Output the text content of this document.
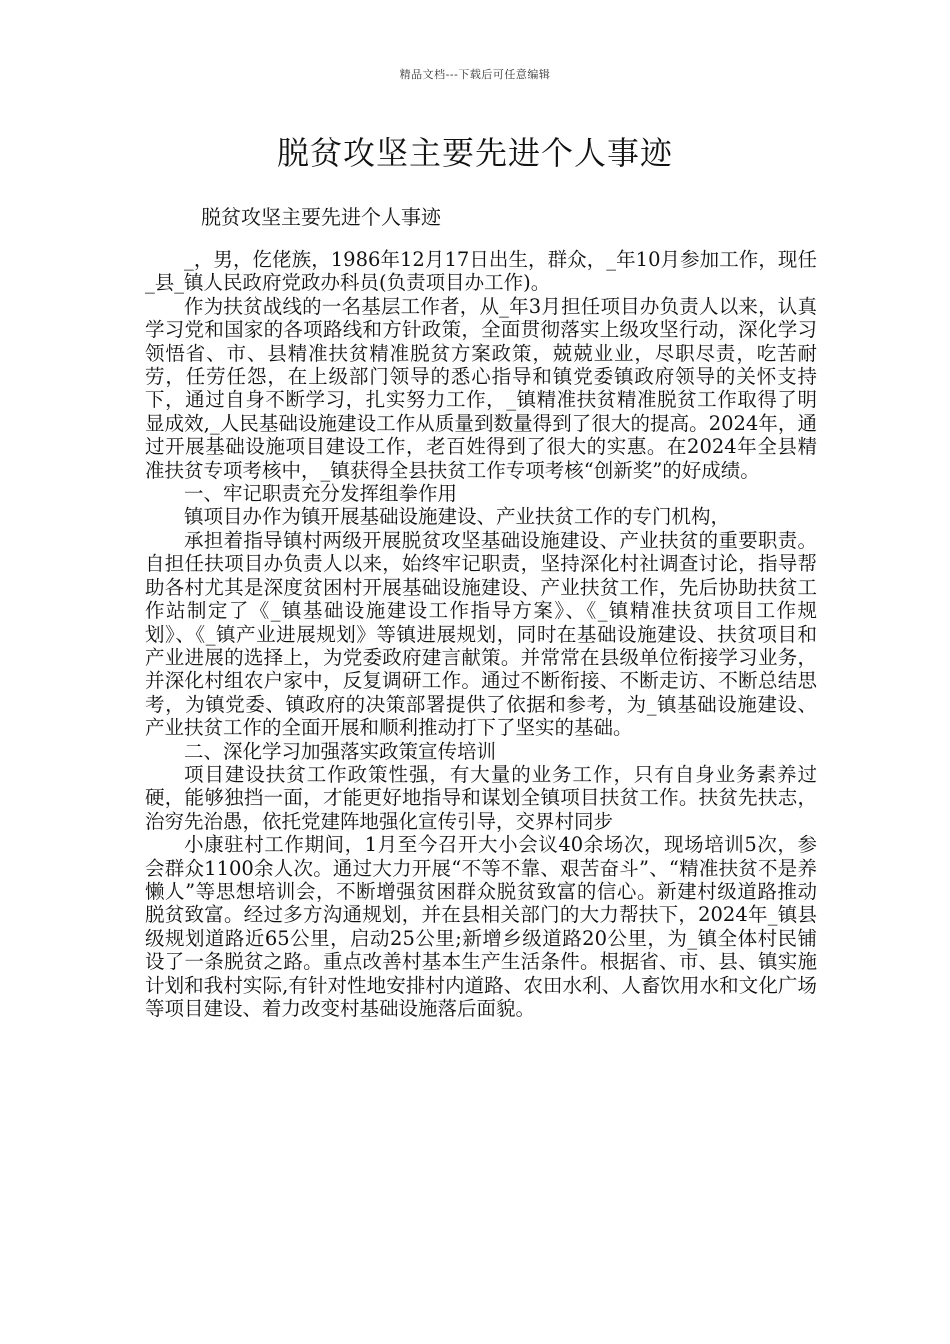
精品文档---下载后可任意编辑
脱贫攻坚主要先进个人事迹

脱贫攻坚主要先进个人事迹

_，男，仡佬族，1986年12月17日出生，群众，_年10月参加工作，现任_县_镇人民政府党政办科员(负责项目办工作)。

作为扶贫战线的一名基层工作者，从_年3月担任项目办负责人以来，认真学习党和国家的各项路线和方针政策，全面贯彻落实上级攻坚行动，深化学习领悟省、市、县精准扶贫精准脱贫方案政策，兢兢业业，尽职尽责，吃苦耐劳，任劳任怨，在上级部门领导的悉心指导和镇党委镇政府领导的关怀支持下，通过自身不断学习，扎实努力工作，_镇精准扶贫精准脱贫工作取得了明显成效,_人民基础设施建设工作从质量到数量得到了很大的提高。2024年，通过开展基础设施项目建设工作，老百姓得到了很大的实惠。在2024年全县精准扶贫专项考核中，_镇获得全县扶贫工作专项考核“创新奖”的好成绩。

一、牢记职责充分发挥组拳作用

镇项目办作为镇开展基础设施建设、产业扶贫工作的专门机构，

承担着指导镇村两级开展脱贫攻坚基础设施建设、产业扶贫的重要职责。自担任扶项目办负责人以来，始终牢记职责，坚持深化村社调查讨论，指导帮助各村尤其是深度贫困村开展基础设施建设、产业扶贫工作，先后协助扶贫工作站制定了《_镇基础设施建设工作指导方案》、《_镇精准扶贫项目工作规划》、《_镇产业进展规划》等镇进展规划，同时在基础设施建设、扶贫项目和产业进展的选择上，为党委政府建言献策。并常常在县级单位衔接学习业务，并深化村组农户家中，反复调研工作。通过不断衔接、不断走访、不断总结思考，为镇党委、镇政府的决策部署提供了依据和参考，为_镇基础设施建设、产业扶贫工作的全面开展和顺利推动打下了坚实的基础。

二、深化学习加强落实政策宣传培训

项目建设扶贫工作政策性强，有大量的业务工作，只有自身业务素养过硬，能够独挡一面，才能更好地指导和谋划全镇项目扶贫工作。扶贫先扶志，治穷先治愚，依托党建阵地强化宣传引导，交界村同步

小康驻村工作期间，1月至今召开大小会议40余场次，现场培训5次，参会群众1100余人次。通过大力开展“不等不靠、艰苦奋斗”、“精准扶贫不是养懒人”等思想培训会，不断增强贫困群众脱贫致富的信心。新建村级道路推动脱贫致富。经过多方沟通规划，并在县相关部门的大力帮扶下，2024年_镇县级规划道路近65公里，启动25公里;新增乡级道路20公里，为_镇全体村民铺设了一条脱贫之路。重点改善村基本生产生活条件。根据省、市、县、镇实施计划和我村实际,有针对性地安排村内道路、农田水利、人畜饮用水和文化广场等项目建设、着力改变村基础设施落后面貌。
